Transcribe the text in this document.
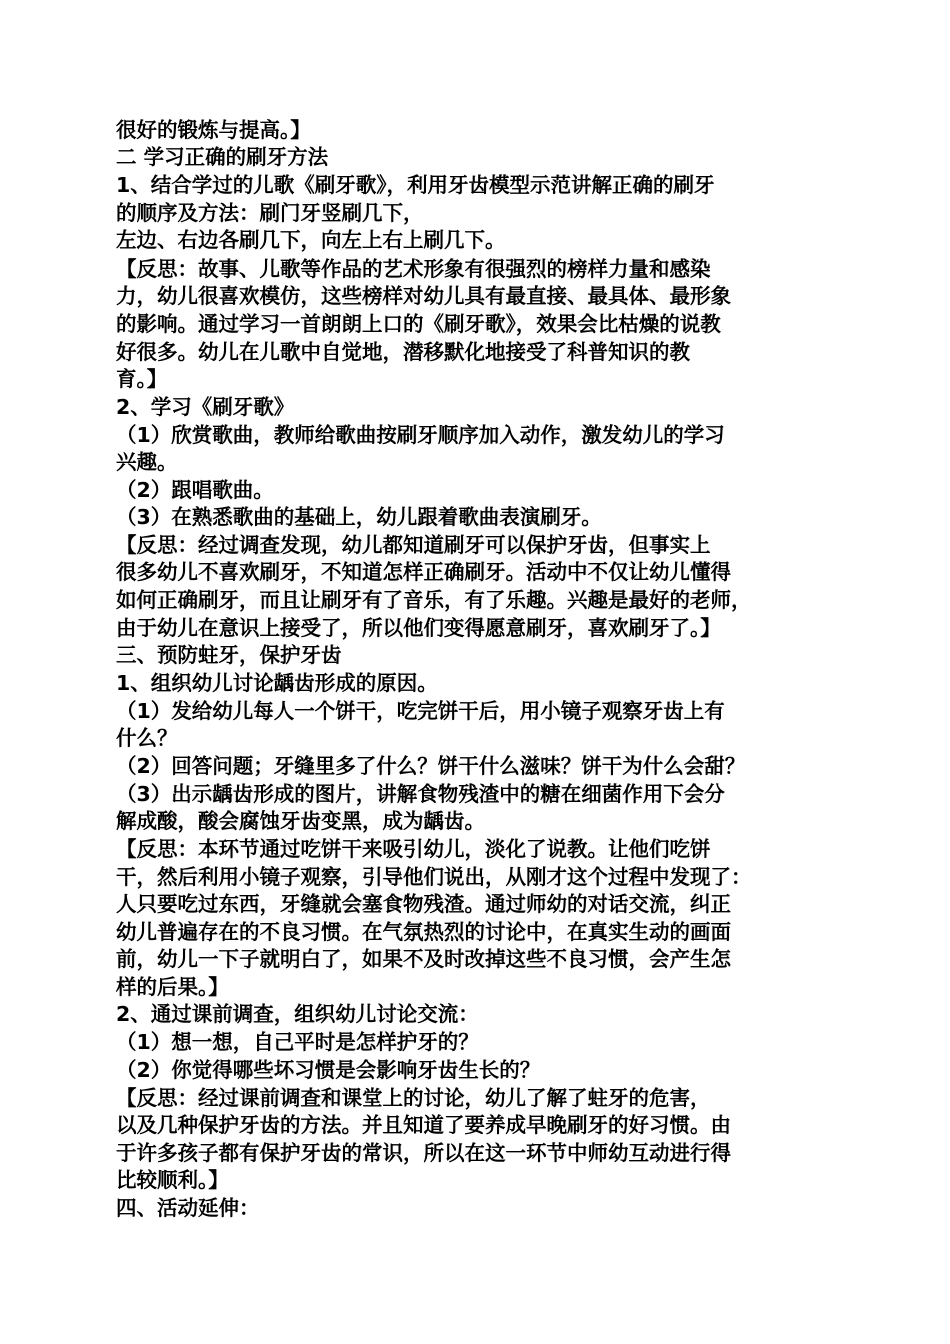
很好的锻炼与提高。】
二 学习正确的刷牙方法
1、结合学过的儿歌《刷牙歌》，利用牙齿模型示范讲解正确的刷牙
的顺序及方法：刷门牙竖刷几下，
左边、右边各刷几下，向左上右上刷几下。
【反思：故事、儿歌等作品的艺术形象有很强烈的榜样力量和感染
力，幼儿很喜欢模仿，这些榜样对幼儿具有最直接、最具体、最形象
的影响。通过学习一首朗朗上口的《刷牙歌》，效果会比枯燥的说教
好很多。幼儿在儿歌中自觉地，潜移默化地接受了科普知识的教
育。】
2、学习《刷牙歌》
（1）欣赏歌曲，教师给歌曲按刷牙顺序加入动作，激发幼儿的学习
兴趣。
（2）跟唱歌曲。
（3）在熟悉歌曲的基础上，幼儿跟着歌曲表演刷牙。
【反思：经过调查发现，幼儿都知道刷牙可以保护牙齿，但事实上
很多幼儿不喜欢刷牙，不知道怎样正确刷牙。活动中不仅让幼儿懂得
如何正确刷牙，而且让刷牙有了音乐，有了乐趣。兴趣是最好的老师，
由于幼儿在意识上接受了，所以他们变得愿意刷牙，喜欢刷牙了。】
三、预防蛀牙，保护牙齿
1、组织幼儿讨论龋齿形成的原因。
（1）发给幼儿每人一个饼干，吃完饼干后，用小镜子观察牙齿上有
什么？
（2）回答问题；牙缝里多了什么？饼干什么滋味？饼干为什么会甜？
（3）出示龋齿形成的图片，讲解食物残渣中的糖在细菌作用下会分
解成酸，酸会腐蚀牙齿变黑，成为龋齿。
【反思：本环节通过吃饼干来吸引幼儿，淡化了说教。让他们吃饼
干，然后利用小镜子观察，引导他们说出，从刚才这个过程中发现了：
人只要吃过东西，牙缝就会塞食物残渣。通过师幼的对话交流，纠正
幼儿普遍存在的不良习惯。在气氛热烈的讨论中，在真实生动的画面
前，幼儿一下子就明白了，如果不及时改掉这些不良习惯，会产生怎
样的后果。】
2、通过课前调查，组织幼儿讨论交流：
（1）想一想，自己平时是怎样护牙的？
（2）你觉得哪些坏习惯是会影响牙齿生长的？
【反思：经过课前调查和课堂上的讨论，幼儿了解了蛀牙的危害，
以及几种保护牙齿的方法。并且知道了要养成早晚刷牙的好习惯。由
于许多孩子都有保护牙齿的常识，所以在这一环节中师幼互动进行得
比较顺利。】
四、活动延伸：
